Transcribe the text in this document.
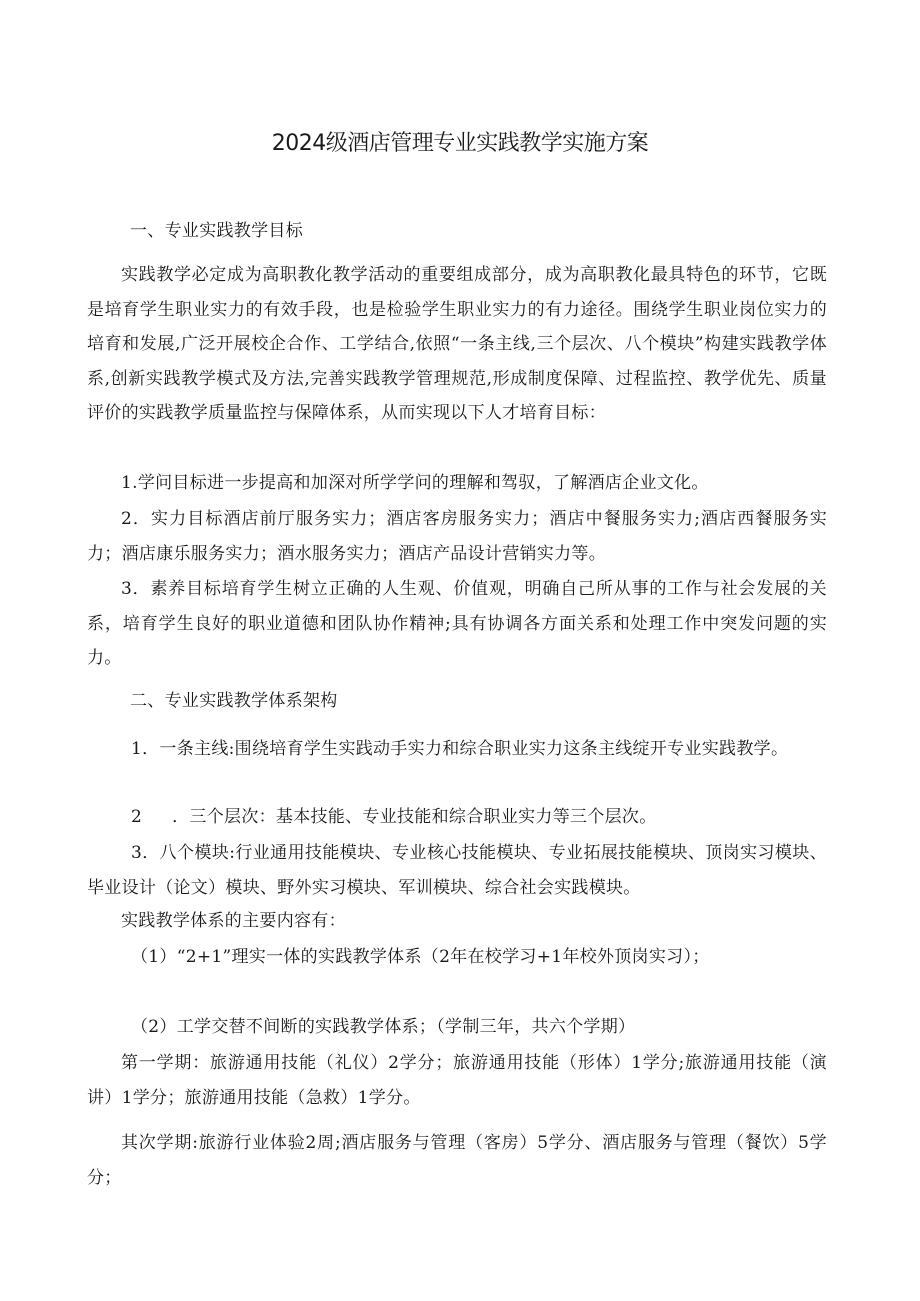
2024级酒店管理专业实践教学实施方案

一、专业实践教学目标

实践教学必定成为高职教化教学活动的重要组成部分，成为高职教化最具特色的环节，它既是培育学生职业实力的有效手段，也是检验学生职业实力的有力途径。围绕学生职业岗位实力的培育和发展,广泛开展校企合作、工学结合,依照“一条主线,三个层次、八个模块”构建实践教学体系,创新实践教学模式及方法,完善实践教学管理规范,形成制度保障、过程监控、教学优先、质量评价的实践教学质量监控与保障体系，从而实现以下人才培育目标：

1.学问目标进一步提高和加深对所学学问的理解和驾驭，了解酒店企业文化。

2．实力目标酒店前厅服务实力；酒店客房服务实力；酒店中餐服务实力;酒店西餐服务实力；酒店康乐服务实力；酒水服务实力；酒店产品设计营销实力等。

3．素养目标培育学生树立正确的人生观、价值观，明确自己所从事的工作与社会发展的关系，培育学生良好的职业道德和团队协作精神;具有协调各方面关系和处理工作中突发问题的实力。

二、专业实践教学体系架构

1．一条主线:围绕培育学生实践动手实力和综合职业实力这条主线绽开专业实践教学。

2 ．三个层次：基本技能、专业技能和综合职业实力等三个层次。

3．八个模块:行业通用技能模块、专业核心技能模块、专业拓展技能模块、顶岗实习模块、毕业设计（论文）模块、野外实习模块、军训模块、综合社会实践模块。

实践教学体系的主要内容有：

（1）“2+1”理实一体的实践教学体系（2年在校学习+1年校外顶岗实习）；

（2）工学交替不间断的实践教学体系；（学制三年，共六个学期）

第一学期：旅游通用技能（礼仪）2学分；旅游通用技能（形体）1学分;旅游通用技能（演讲）1学分；旅游通用技能（急救）1学分。

其次学期:旅游行业体验2周;酒店服务与管理（客房）5学分、酒店服务与管理（餐饮）5学分；
